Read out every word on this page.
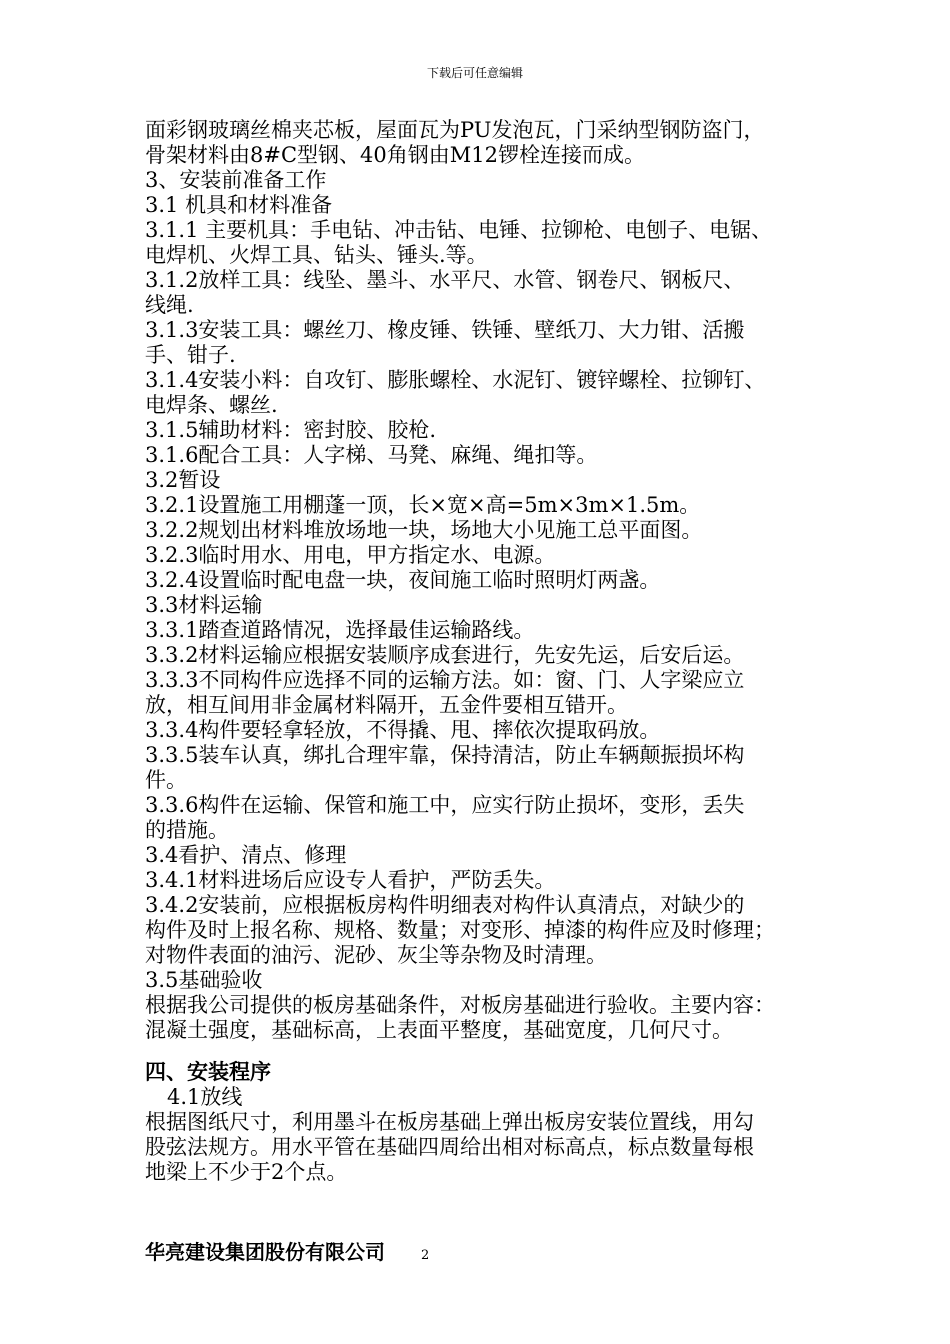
下载后可任意编辑
面彩钢玻璃丝棉夹芯板，屋面瓦为PU发泡瓦，门采纳型钢防盗门，
骨架材料由8#C型钢、40角钢由M12锣栓连接而成。
3、安装前准备工作
3.1 机具和材料准备
3.1.1 主要机具：手电钻、冲击钻、电锤、拉铆枪、电刨子、电锯、
电焊机、火焊工具、钻头、锤头.等。
3.1.2放样工具：线坠、墨斗、水平尺、水管、钢卷尺、钢板尺、
线绳.
3.1.3安装工具：螺丝刀、橡皮锤、铁锤、壁纸刀、大力钳、活搬
手、钳子.
3.1.4安装小料：自攻钉、膨胀螺栓、水泥钉、镀锌螺栓、拉铆钉、
电焊条、螺丝.
3.1.5辅助材料：密封胶、胶枪.
3.1.6配合工具：人字梯、马凳、麻绳、绳扣等。
3.2暂设
3.2.1设置施工用棚蓬一顶，长×宽×高=5m×3m×1.5m。
3.2.2规划出材料堆放场地一块，场地大小见施工总平面图。
3.2.3临时用水、用电，甲方指定水、电源。
3.2.4设置临时配电盘一块，夜间施工临时照明灯两盏。
3.3材料运输
3.3.1踏查道路情况，选择最佳运输路线。
3.3.2材料运输应根据安装顺序成套进行，先安先运，后安后运。
3.3.3不同构件应选择不同的运输方法。如：窗、门、人字梁应立
放，相互间用非金属材料隔开，五金件要相互错开。
3.3.4构件要轻拿轻放，不得撬、甩、摔依次提取码放。
3.3.5装车认真，绑扎合理牢靠，保持清洁，防止车辆颠振损坏构
件。
3.3.6构件在运输、保管和施工中，应实行防止损坏，变形，丢失
的措施。
3.4看护、清点、修理
3.4.1材料进场后应设专人看护，严防丢失。
3.4.2安装前，应根据板房构件明细表对构件认真清点，对缺少的
构件及时上报名称、规格、数量；对变形、掉漆的构件应及时修理；
对物件表面的油污、泥砂、灰尘等杂物及时清理。
3.5基础验收
根据我公司提供的板房基础条件，对板房基础进行验收。主要内容：
混凝土强度，基础标高，上表面平整度，基础宽度，几何尺寸。
四、安装程序
4.1放线
根据图纸尺寸，利用墨斗在板房基础上弹出板房安装位置线，用勾
股弦法规方。用水平管在基础四周给出相对标高点，标点数量每根
地梁上不少于2个点。
华亮建设集团股份有限公司	2
